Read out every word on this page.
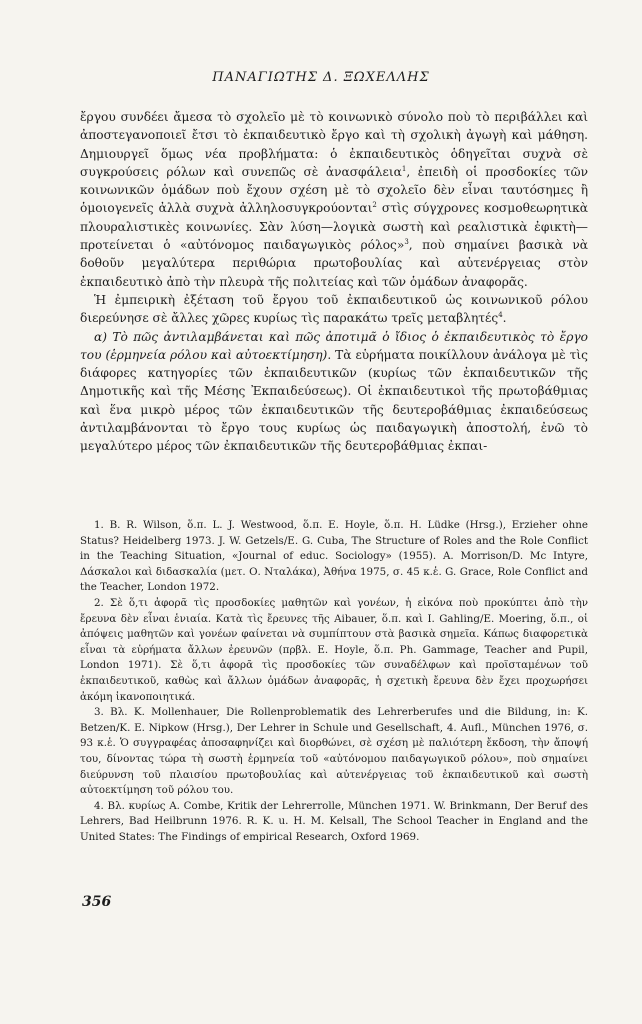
ΠΑΝΑΓΙΩΤΗΣ Δ. ΞΩΧΕΛΛΗΣ

ἔργου συνδέει ἄμεσα τὸ σχολεῖο μὲ τὸ κοινωνικὸ σύνολο ποὺ τὸ περιβάλλει καὶ ἀποστεγανοποιεῖ ἔτσι τὸ ἐκπαιδευτικὸ ἔργο καὶ τὴ σχολικὴ ἀγωγὴ καὶ μάθηση. Δημιουργεῖ ὅμως νέα προβλήματα: ὁ ἐκπαιδευτικὸς ὁδηγεῖται συχνὰ σὲ συγκρούσεις ρόλων καὶ συνεπῶς σὲ ἀνασφάλεια$^1$, ἐπειδὴ οἱ προσδοκίες τῶν κοινωνικῶν ὁμάδων ποὺ ἔχουν σχέση μὲ τὸ σχολεῖο δὲν εἶναι ταυτόσημες ἢ ὁμοιογενεῖς ἀλλὰ συχνὰ ἀλληλοσυγκρούονται$^2$ στὶς σύγχρονες κοσμοθεωρητικὰ πλουραλιστικὲς κοινωνίες. Σὰν λύση—λογικὰ σωστὴ καὶ ρεαλιστικὰ ἐφικτὴ—προτείνεται ὁ «αὐτόνομος παιδαγωγικὸς ρόλος»$^3$, ποὺ σημαίνει βασικὰ νὰ δοθοῦν μεγαλύτερα περιθώρια πρωτοβουλίας καὶ αὐτενέργειας στὸν ἐκπαιδευτικὸ ἀπὸ τὴν πλευρὰ τῆς πολιτείας καὶ τῶν ὁμάδων ἀναφορᾶς.

Ἡ ἐμπειρικὴ ἐξέταση τοῦ ἔργου τοῦ ἐκπαιδευτικοῦ ὡς κοινωνικοῦ ρόλου διερεύνησε σὲ ἄλλες χῶρες κυρίως τὶς παρακάτω τρεῖς μεταβλητές$^4$.

α) Τὸ πῶς ἀντιλαμβάνεται καὶ πῶς ἀποτιμᾶ ὁ ἴδιος ὁ ἐκπαιδευτικὸς τὸ ἔργο του (ἑρμηνεία ρόλου καὶ αὐτοεκτίμηση). Τὰ εὑρήματα ποικίλλουν ἀνάλογα μὲ τὶς διάφορες κατηγορίες τῶν ἐκπαιδευτικῶν (κυρίως τῶν ἐκπαιδευτικῶν τῆς Δημοτικῆς καὶ τῆς Μέσης Ἐκπαιδεύσεως). Οἱ ἐκπαιδευτικοὶ τῆς πρωτοβάθμιας καὶ ἕνα μικρὸ μέρος τῶν ἐκπαιδευτικῶν τῆς δευτεροβάθμιας ἐκπαιδεύσεως ἀντιλαμβάνονται τὸ ἔργο τους κυρίως ὡς παιδαγωγικὴ ἀποστολή, ἐνῶ τὸ μεγαλύτερο μέρος τῶν ἐκπαιδευτικῶν τῆς δευτεροβάθμιας ἐκπαι-

1. B. R. Wilson, ὅ.π. L. J. Westwood, ὅ.π. E. Hoyle, ὅ.π. H. Lüdke (Hrsg.), Erzieher ohne Status? Heidelberg 1973. J. W. Getzels/E. G. Cuba, The Structure of Roles and the Role Conflict in the Teaching Situation, «Journal of educ. Sociology» (1955). A. Morrison/D. Mc Intyre, Δάσκαλοι καὶ διδασκαλία (μετ. Ο. Νταλάκα), Ἀθήνα 1975, σ. 45 κ.ἑ. G. Grace, Role Conflict and the Teacher, London 1972.

2. Σὲ ὅ,τι ἀφορᾶ τὶς προσδοκίες μαθητῶν καὶ γονέων, ἡ εἰκόνα ποὺ προκύπτει ἀπὸ τὴν ἔρευνα δὲν εἶναι ἑνιαία. Κατὰ τὶς ἔρευνες τῆς Aibauer, ὅ.π. καὶ I. Gahling/E. Moering, ὅ.π., οἱ ἀπόψεις μαθητῶν καὶ γονέων φαίνεται νὰ συμπίπτουν στὰ βασικὰ σημεῖα. Κάπως διαφορετικὰ εἶναι τὰ εὑρήματα ἄλλων ἐρευνῶν (πρβλ. E. Hoyle, ὅ.π. Ph. Gammage, Teacher and Pupil, London 1971). Σὲ ὅ,τι ἀφορᾶ τὶς προσδοκίες τῶν συναδέλφων καὶ προϊσταμένων τοῦ ἐκπαιδευτικοῦ, καθὼς καὶ ἄλλων ὁμάδων ἀναφορᾶς, ἡ σχετικὴ ἔρευνα δὲν ἔχει προχωρήσει ἀκόμη ἱκανοποιητικά.

3. Βλ. K. Mollenhauer, Die Rollenproblematik des Lehrerberufes und die Bildung, in: K. Betzen/K. E. Nipkow (Hrsg.), Der Lehrer in Schule und Gesellschaft, 4. Aufl., München 1976, σ. 93 κ.ἑ. Ὁ συγγραφέας ἀποσαφηνίζει καὶ διορθώνει, σὲ σχέση μὲ παλιότερη ἔκδοση, τὴν ἄποψή του, δίνοντας τώρα τὴ σωστὴ ἑρμηνεία τοῦ «αὐτόνομου παιδαγωγικοῦ ρόλου», ποὺ σημαίνει διεύρυνση τοῦ πλαισίου πρωτοβουλίας καὶ αὐτενέργειας τοῦ ἐκπαιδευτικοῦ καὶ σωστὴ αὐτοεκτίμηση τοῦ ρόλου του.

4. Βλ. κυρίως A. Combe, Kritik der Lehrerrolle, München 1971. W. Brinkmann, Der Beruf des Lehrers, Bad Heilbrunn 1976. R. K. u. H. M. Kelsall, The School Teacher in England and the United States: The Findings of empirical Research, Oxford 1969.

356
